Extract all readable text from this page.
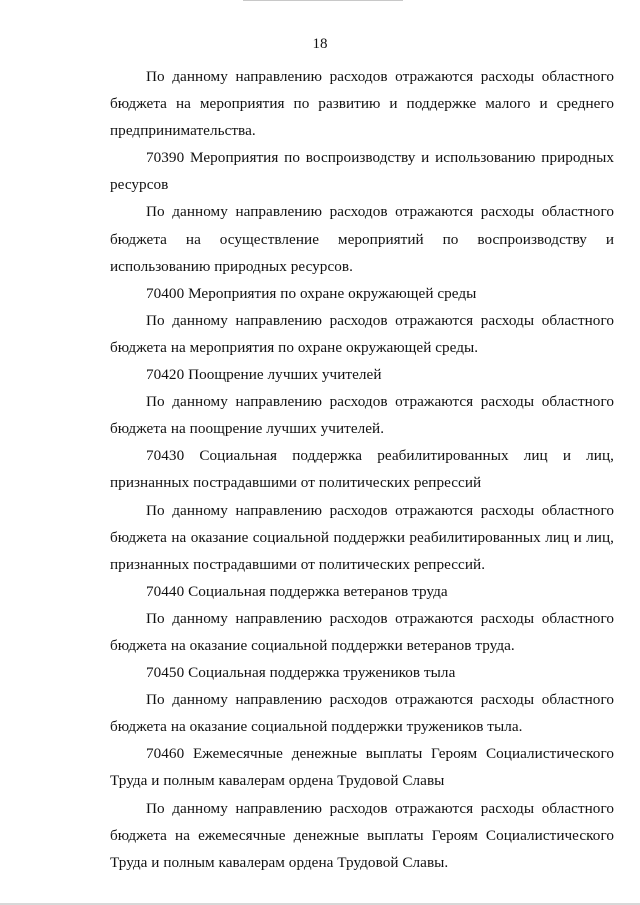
18

По данному направлению расходов отражаются расходы областного бюджета на мероприятия по развитию и поддержке малого и среднего предпринимательства.

70390 Мероприятия по воспроизводству и использованию природных ресурсов

По данному направлению расходов отражаются расходы областного бюджета на осуществление мероприятий по воспроизводству и использованию природных ресурсов.

70400 Мероприятия по охране окружающей среды

По данному направлению расходов отражаются расходы областного бюджета на мероприятия по охране окружающей среды.

70420 Поощрение лучших учителей

По данному направлению расходов отражаются расходы областного бюджета на поощрение лучших учителей.

70430 Социальная поддержка реабилитированных лиц и лиц, признанных пострадавшими от политических репрессий

По данному направлению расходов отражаются расходы областного бюджета на оказание социальной поддержки реабилитированных лиц и лиц, признанных пострадавшими от политических репрессий.

70440 Социальная поддержка ветеранов труда

По данному направлению расходов отражаются расходы областного бюджета на оказание социальной поддержки ветеранов труда.

70450 Социальная поддержка тружеников тыла

По данному направлению расходов отражаются расходы областного бюджета на оказание социальной поддержки тружеников тыла.

70460 Ежемесячные денежные выплаты Героям Социалистического Труда и полным кавалерам ордена Трудовой Славы

По данному направлению расходов отражаются расходы областного бюджета на ежемесячные денежные выплаты Героям Социалистического Труда и полным кавалерам ордена Трудовой Славы.
